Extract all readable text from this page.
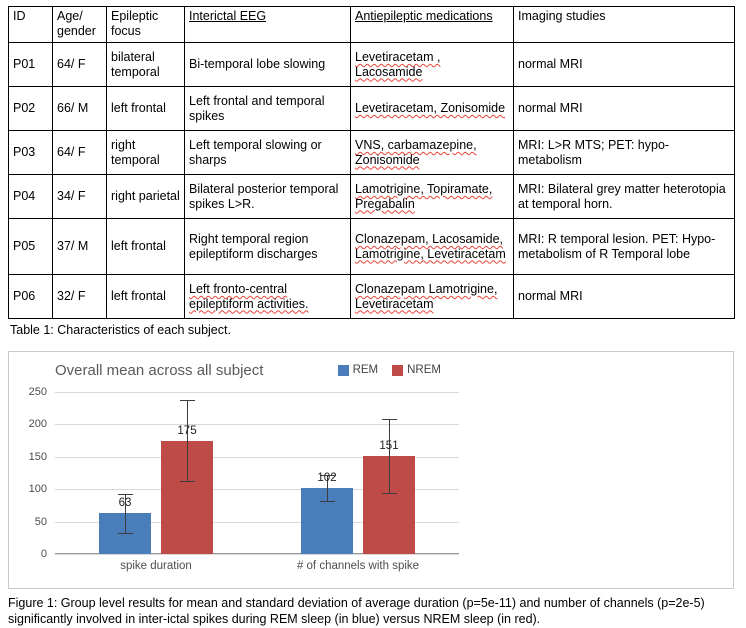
ID	Age/ gender	Epileptic focus	Interictal EEG	Antiepileptic medications	Imaging studies
P01	64/ F	bilateral temporal	Bi-temporal lobe slowing	Levetiracetam , Lacosamide	normal MRI
P02	66/ M	left frontal	Left frontal and temporal spikes	Levetiracetam, Zonisomide	normal MRI
P03	64/ F	right temporal	Left temporal slowing or sharps	VNS, carbamazepine, Zonisomide	MRI: L>R MTS; PET: hypo-metabolism
P04	34/ F	right parietal	Bilateral posterior temporal spikes L>R.	Lamotrigine, Topiramate, Pregabalin	MRI: Bilateral grey matter heterotopia at temporal horn.
P05	37/ M	left frontal	Right temporal region epileptiform discharges	Clonazepam, Lacosamide, Lamotrigine, Levetiracetam	MRI: R temporal lesion. PET: Hypo-metabolism of R Temporal lobe
P06	32/ F	left frontal	Left fronto-central epileptiform activities.	Clonazepam Lamotrigine, Levetiracetam	normal MRI
Table 1: Characteristics of each subject.
Overall mean across all subject	REM	NREM
0
50
100
150
200
250
63
175
spike duration
102
151
# of channels with spike
Figure 1: Group level results for mean and standard deviation of average duration (p=5e-11) and number of channels (p=2e-5) significantly involved in inter-ictal spikes during REM sleep (in blue) versus NREM sleep (in red).
